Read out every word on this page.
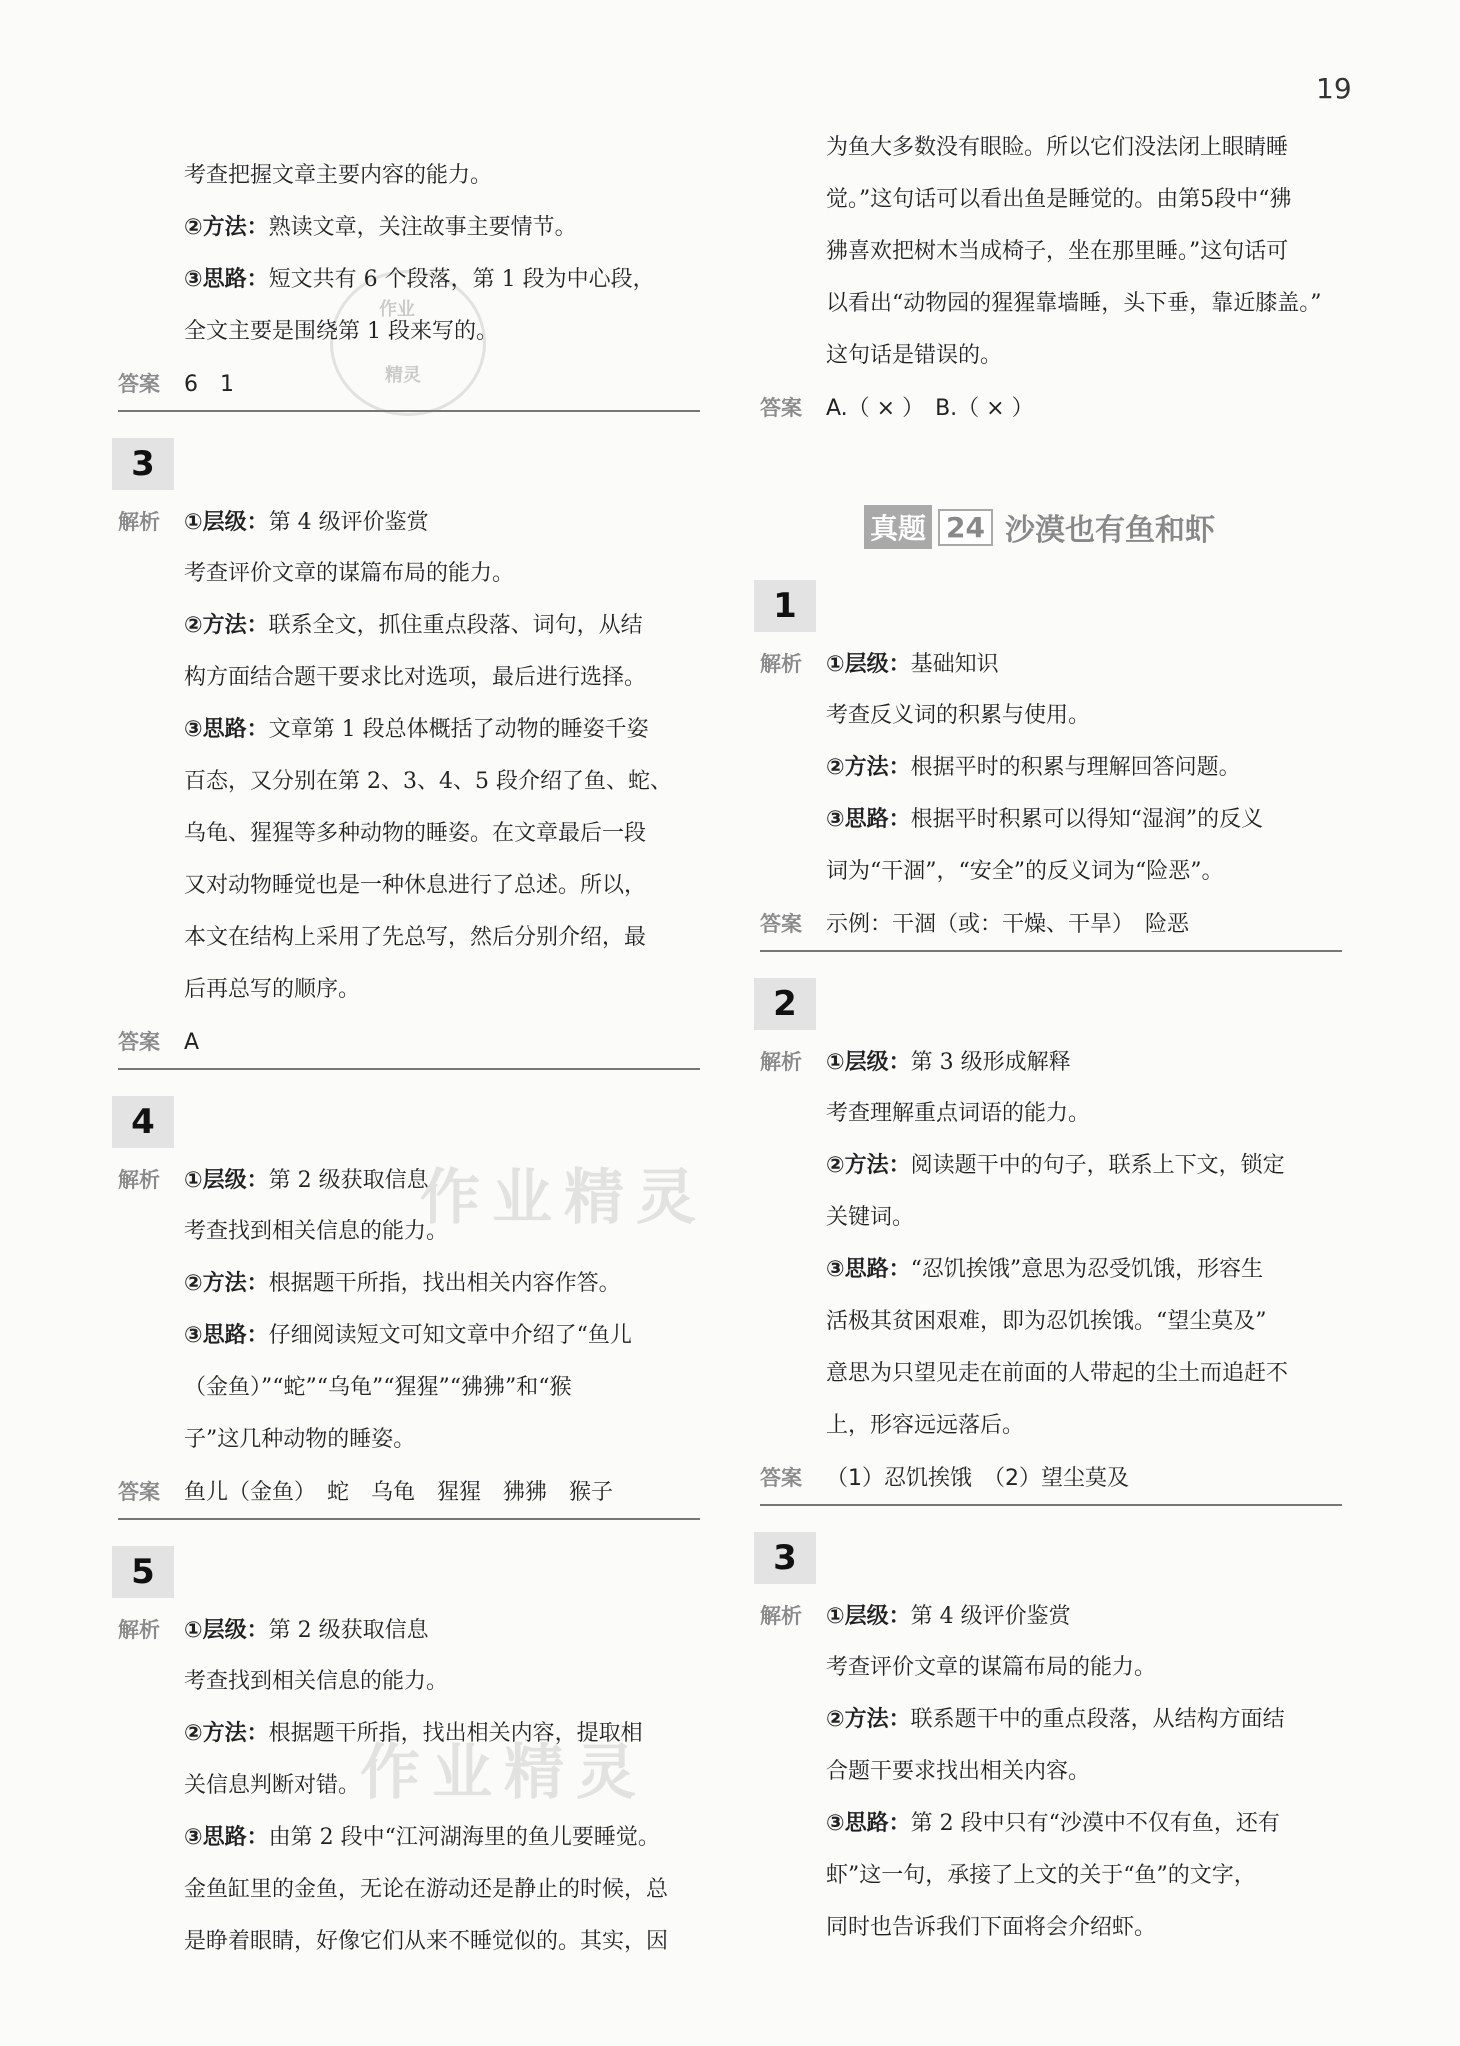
19
作业精灵
作业精灵
作业
精灵
考查把握文章主要内容的能力。
②方法：熟读文章，关注故事主要情节。
③思路：短文共有 6 个段落，第 1 段为中心段，
全文主要是围绕第 1 段来写的。
答案 6　1
3
解析 ①层级：第 4 级评价鉴赏
考查评价文章的谋篇布局的能力。
②方法：联系全文，抓住重点段落、词句，从结
构方面结合题干要求比对选项，最后进行选择。
③思路：文章第 1 段总体概括了动物的睡姿千姿
百态，又分别在第 2、3、4、5 段介绍了鱼、蛇、
乌龟、猩猩等多种动物的睡姿。在文章最后一段
又对动物睡觉也是一种休息进行了总述。所以，
本文在结构上采用了先总写，然后分别介绍，最
后再总写的顺序。
答案 A
4
解析 ①层级：第 2 级获取信息
考查找到相关信息的能力。
②方法：根据题干所指，找出相关内容作答。
③思路：仔细阅读短文可知文章中介绍了“鱼儿
（金鱼）”“蛇”“乌龟”“猩猩”“狒狒”和“猴
子”这几种动物的睡姿。
答案 鱼儿（金鱼）　蛇　乌龟　猩猩　狒狒　猴子
5
解析 ①层级：第 2 级获取信息
考查找到相关信息的能力。
②方法：根据题干所指，找出相关内容，提取相
关信息判断对错。
③思路：由第 2 段中“江河湖海里的鱼儿要睡觉。
金鱼缸里的金鱼，无论在游动还是静止的时候，总
是睁着眼睛，好像它们从来不睡觉似的。其实，因
为鱼大多数没有眼睑。所以它们没法闭上眼睛睡
觉。”这句话可以看出鱼是睡觉的。由第5段中“狒
狒喜欢把树木当成椅子，坐在那里睡。”这句话可
以看出“动物园的猩猩靠墙睡，头下垂，靠近膝盖。”
这句话是错误的。
答案 A.（ × ）　B.（ × ）
真题 24 沙漠也有鱼和虾
1
解析 ①层级：基础知识
考查反义词的积累与使用。
②方法：根据平时的积累与理解回答问题。
③思路：根据平时积累可以得知“湿润”的反义
词为“干涸”，“安全”的反义词为“险恶”。
答案 示例：干涸（或：干燥、干旱）　险恶
2
解析 ①层级：第 3 级形成解释
考查理解重点词语的能力。
②方法：阅读题干中的句子，联系上下文，锁定
关键词。
③思路：“忍饥挨饿”意思为忍受饥饿，形容生
活极其贫困艰难，即为忍饥挨饿。“望尘莫及”
意思为只望见走在前面的人带起的尘土而追赶不
上，形容远远落后。
答案 （1）忍饥挨饿　（2）望尘莫及
3
解析 ①层级：第 4 级评价鉴赏
考查评价文章的谋篇布局的能力。
②方法：联系题干中的重点段落，从结构方面结
合题干要求找出相关内容。
③思路：第 2 段中只有“沙漠中不仅有鱼，还有
虾”这一句，承接了上文的关于“鱼”的文字，
同时也告诉我们下面将会介绍虾。
